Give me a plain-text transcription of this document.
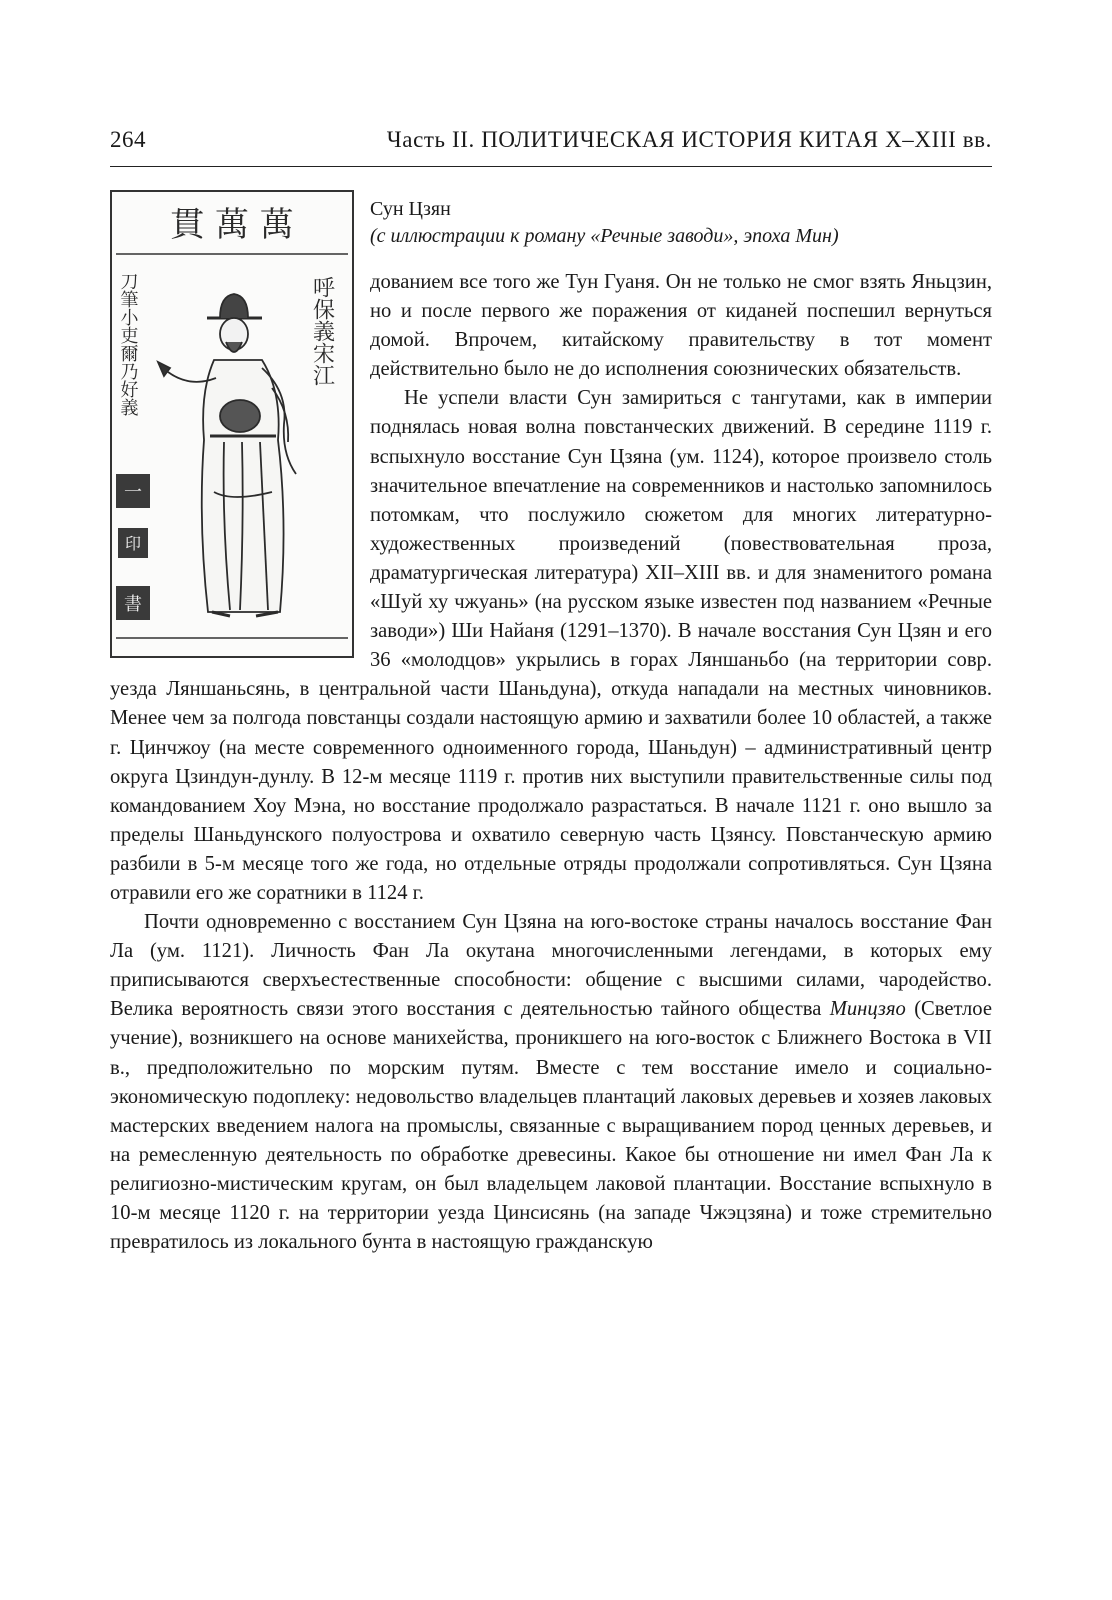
264	Часть II. ПОЛИТИЧЕСКАЯ ИСТОРИЯ КИТАЯ X–XIII вв.
貫 萬 萬
呼保義宋江
刀筆小吏爾乃好義
一
印
書
Сун Цзян
(с иллюстрации к роману «Речные заводи», эпоха Мин)

дованием все того же Тун Гуаня. Он не только не смог взять Яньцзин, но и после первого же поражения от киданей поспешил вернуться домой. Впрочем, китайскому правительству в тот момент действительно было не до исполнения союзнических обязательств.

Не успели власти Сун замириться с тангутами, как в империи поднялась новая волна повстанческих движений. В середине 1119 г. вспыхнуло восстание Сун Цзяна (ум. 1124), которое произвело столь значительное впечатление на современников и настолько запомнилось потомкам, что послужило сюжетом для многих литературно-художественных произведений (повествовательная проза, драматургическая литература) XII–XIII вв. и для знаменитого романа «Шуй ху чжуань» (на русском языке известен под названием «Речные заводи») Ши Найаня (1291–1370). В начале восстания Сун Цзян и его 36 «молодцов» укрылись в горах Ляншаньбо (на территории совр. уезда Ляншаньсянь, в центральной части Шаньдуна), откуда нападали на местных чиновников. Менее чем за полгода повстанцы создали настоящую армию и захватили более 10 областей, а также г. Цинчжоу (на месте современного одноименного города, Шаньдун) – административный центр округа Цзиндун-дунлу. В 12-м месяце 1119 г. против них выступили правительственные силы под командованием Хоу Мэна, но восстание продолжало разрастаться. В начале 1121 г. оно вышло за пределы Шаньдунского полуострова и охватило северную часть Цзянсу. Повстанческую армию разбили в 5-м месяце того же года, но отдельные отряды продолжали сопротивляться. Сун Цзяна отравили его же соратники в 1124 г.

Почти одновременно с восстанием Сун Цзяна на юго-востоке страны началось восстание Фан Ла (ум. 1121). Личность Фан Ла окутана многочисленными легендами, в которых ему приписываются сверхъестественные способности: общение с высшими силами, чародейство. Велика вероятность связи этого восстания с деятельностью тайного общества Минцзяо (Светлое учение), возникшего на основе манихейства, проникшего на юго-восток с Ближнего Востока в VII в., предположительно по морским путям. Вместе с тем восстание имело и социально-экономическую подоплеку: недовольство владельцев плантаций лаковых деревьев и хозяев лаковых мастерских введением налога на промыслы, связанные с выращиванием пород ценных деревьев, и на ремесленную деятельность по обработке древесины. Какое бы отношение ни имел Фан Ла к религиозно-мистическим кругам, он был владельцем лаковой плантации. Восстание вспыхнуло в 10-м месяце 1120 г. на территории уезда Цинсисянь (на западе Чжэцзяна) и тоже стремительно превратилось из локального бунта в настоящую гражданскую
